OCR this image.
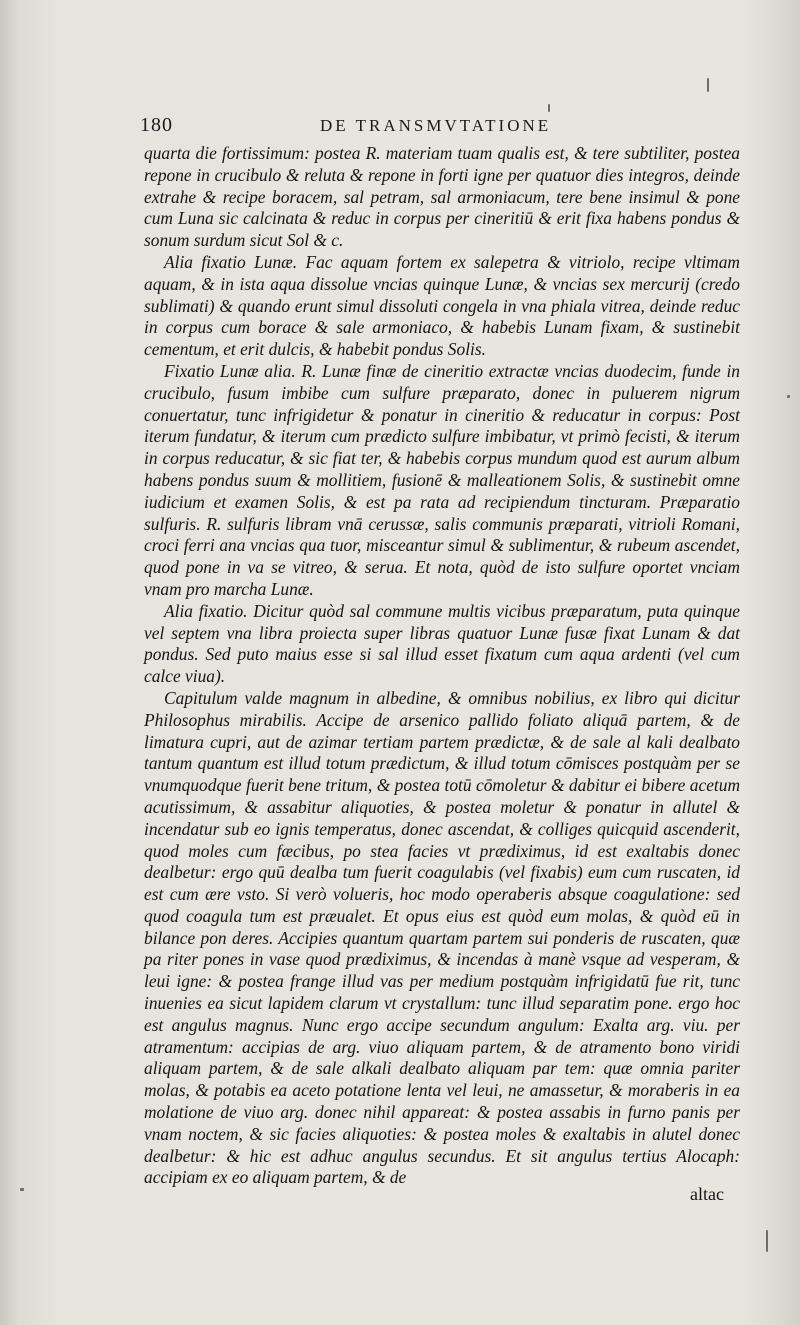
180	DE TRANSMVTATIONE

quarta die fortissimum: postea R. materiam tuam qualis est, & tere subtiliter, postea repone in crucibulo & reluta & repone in forti igne per quatuor dies integros, deinde extrahe & recipe boracem, sal petram, sal armoniacum, tere bene insimul & pone cum Luna sic calcinata & reduc in corpus per cineritiū & erit fixa habens pondus & sonum surdum sicut Sol & c.

Alia fixatio Lunæ. Fac aquam fortem ex salepetra & vitriolo, recipe vltimam aquam, & in ista aqua dissolue vncias quinque Lunæ, & vncias sex mercurij (credo sublimati) & quando erunt simul dissoluti congela in vna phiala vitrea, deinde reduc in corpus cum borace & sale armoniaco, & habebis Lunam fixam, & sustinebit cementum, et erit dulcis, & habebit pondus Solis.

Fixatio Lunæ alia. R. Lunæ finæ de cineritio extractæ vncias duodecim, funde in crucibulo, fusum imbibe cum sulfure præparato, donec in puluerem nigrum conuertatur, tunc infrigidetur & ponatur in cineritio & reducatur in corpus: Post iterum fundatur, & iterum cum prædicto sulfure imbibatur, vt primò fecisti, & iterum in corpus reducatur, & sic fiat ter, & habebis corpus mundum quod est aurum album habens pondus suum & mollitiem, fusionē & malleationem Solis, & sustinebit omne iudicium et examen Solis, & est pa rata ad recipiendum tincturam. Præparatio sulfuris. R. sulfuris libram vnā cerussæ, salis communis præparati, vitrioli Romani, croci ferri ana vncias qua tuor, misceantur simul & sublimentur, & rubeum ascendet, quod pone in va se vitreo, & serua. Et nota, quòd de isto sulfure oportet vnciam vnam pro marcha Lunæ.

Alia fixatio. Dicitur quòd sal commune multis vicibus præparatum, puta quinque vel septem vna libra proiecta super libras quatuor Lunæ fusæ fixat Lunam & dat pondus. Sed puto maius esse si sal illud esset fixatum cum aqua ardenti (vel cum calce viua).

Capitulum valde magnum in albedine, & omnibus nobilius, ex libro qui dicitur Philosophus mirabilis. Accipe de arsenico pallido foliato aliquā partem, & de limatura cupri, aut de azimar tertiam partem prædictæ, & de sale al kali dealbato tantum quantum est illud totum prædictum, & illud totum cōmisces postquàm per se vnumquodque fuerit bene tritum, & postea totū cōmoletur & dabitur ei bibere acetum acutissimum, & assabitur aliquoties, & postea moletur & ponatur in allutel & incendatur sub eo ignis temperatus, donec ascendat, & colliges quicquid ascenderit, quod moles cum fæcibus, po stea facies vt prædiximus, id est exaltabis donec dealbetur: ergo quū dealba tum fuerit coagulabis (vel fixabis) eum cum ruscaten, id est cum ære vsto. Si verò volueris, hoc modo operaberis absque coagulatione: sed quod coagula tum est præualet. Et opus eius est quòd eum molas, & quòd eū in bilance pon deres. Accipies quantum quartam partem sui ponderis de ruscaten, quæ pa riter pones in vase quod prædiximus, & incendas à manè vsque ad vesperam, & leui igne: & postea frange illud vas per medium postquàm infrigidatū fue rit, tunc inuenies ea sicut lapidem clarum vt crystallum: tunc illud separatim pone. ergo hoc est angulus magnus. Nunc ergo accipe secundum angulum: Exalta arg. viu. per atramentum: accipias de arg. viuo aliquam partem, & de atramento bono viridi aliquam partem, & de sale alkali dealbato aliquam par tem: quæ omnia pariter molas, & potabis ea aceto potatione lenta vel leui, ne amassetur, & moraberis in ea molatione de viuo arg. donec nihil appareat: & postea assabis in furno panis per vnam noctem, & sic facies aliquoties: & postea moles & exaltabis in alutel donec dealbetur: & hic est adhuc angulus secundus. Et sit angulus tertius Alocaph: accipiam ex eo aliquam partem, & de

altac
